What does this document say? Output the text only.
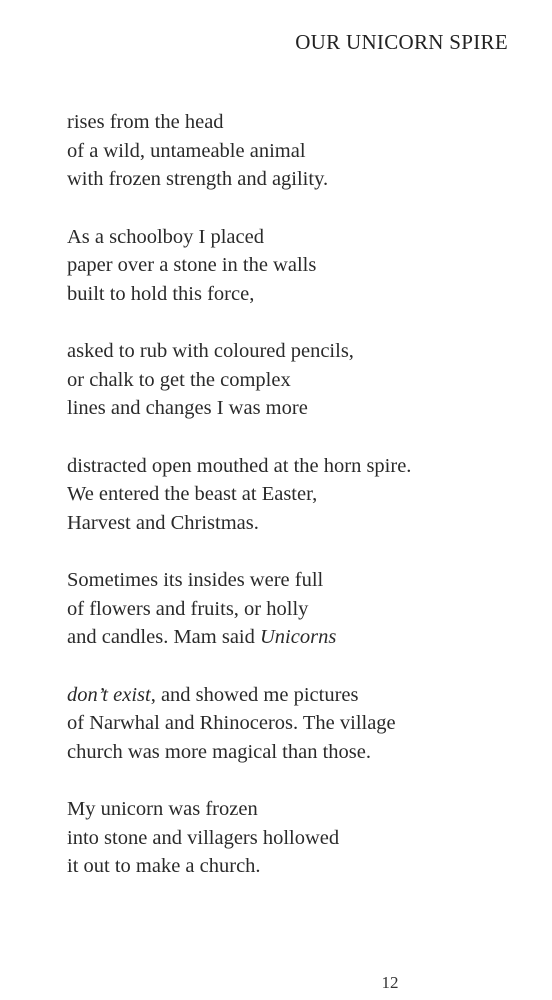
OUR UNICORN SPIRE
rises from the head
of a wild, untameable animal
with frozen strength and agility.
As a schoolboy I placed
paper over a stone in the walls
built to hold this force,
asked to rub with coloured pencils,
or chalk to get the complex
lines and changes I was more
distracted open mouthed at the horn spire.
We entered the beast at Easter,
Harvest and Christmas.
Sometimes its insides were full
of flowers and fruits, or holly
and candles. Mam said Unicorns
don’t exist, and showed me pictures
of Narwhal and Rhinoceros. The village
church was more magical than those.
My unicorn was frozen
into stone and villagers hollowed
it out to make a church.
12
